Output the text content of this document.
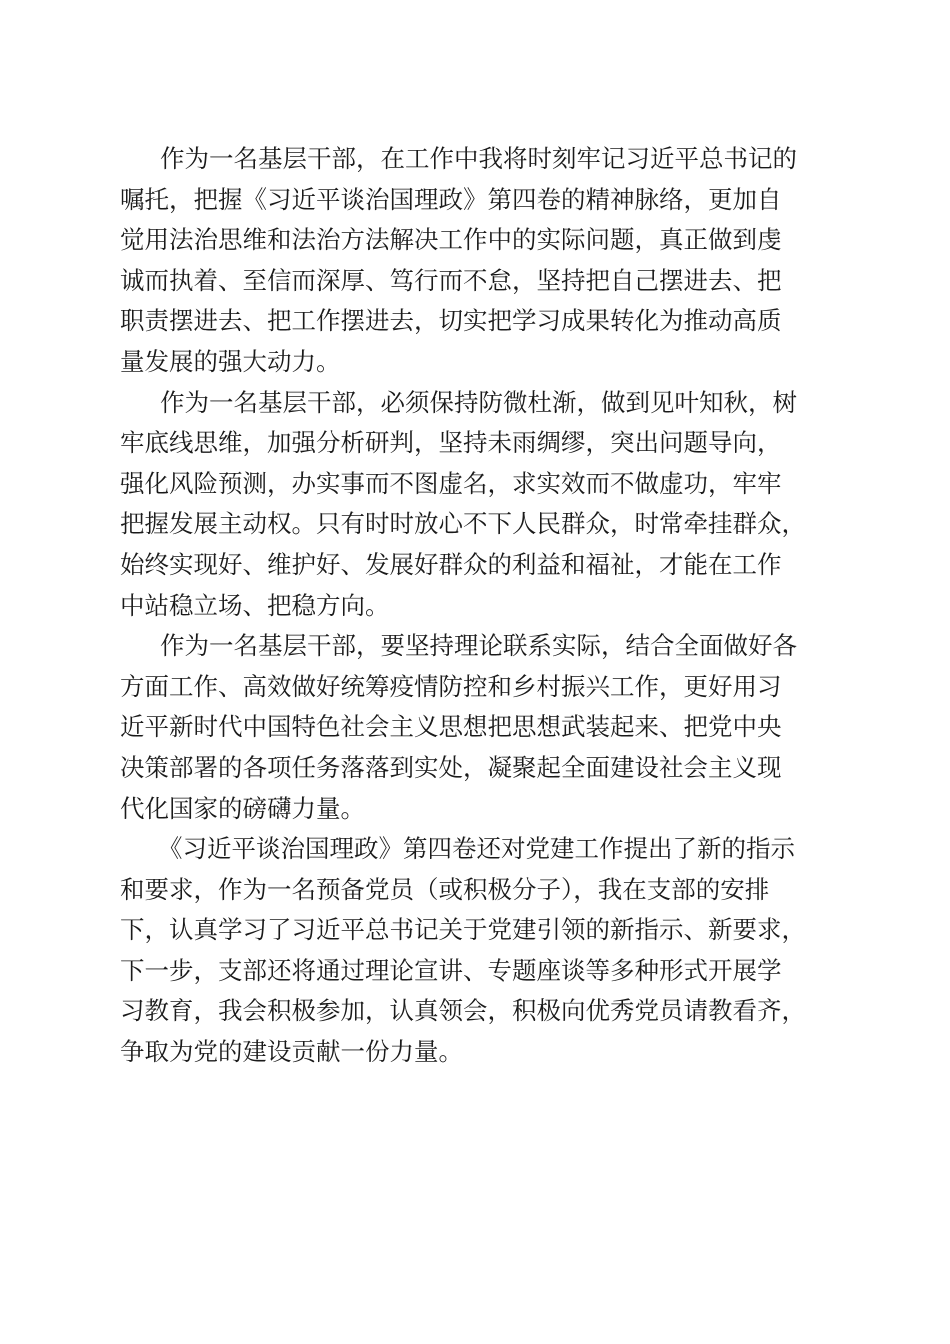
作为一名基层干部，在工作中我将时刻牢记习近平总书记的
嘱托，把握《习近平谈治国理政》第四卷的精神脉络，更加自
觉用法治思维和法治方法解决工作中的实际问题，真正做到虔
诚而执着、至信而深厚、笃行而不怠，坚持把自己摆进去、把
职责摆进去、把工作摆进去，切实把学习成果转化为推动高质
量发展的强大动力。
作为一名基层干部，必须保持防微杜渐，做到见叶知秋，树
牢底线思维，加强分析研判，坚持未雨绸缪，突出问题导向，
强化风险预测，办实事而不图虚名，求实效而不做虚功，牢牢
把握发展主动权。只有时时放心不下人民群众，时常牵挂群众，
始终实现好、维护好、发展好群众的利益和福祉，才能在工作
中站稳立场、把稳方向。
作为一名基层干部，要坚持理论联系实际，结合全面做好各
方面工作、高效做好统筹疫情防控和乡村振兴工作，更好用习
近平新时代中国特色社会主义思想把思想武装起来、把党中央
决策部署的各项任务落落到实处，凝聚起全面建设社会主义现
代化国家的磅礴力量。
《习近平谈治国理政》第四卷还对党建工作提出了新的指示
和要求，作为一名预备党员（或积极分子），我在支部的安排
下，认真学习了习近平总书记关于党建引领的新指示、新要求，
下一步，支部还将通过理论宣讲、专题座谈等多种形式开展学
习教育，我会积极参加，认真领会，积极向优秀党员请教看齐，
争取为党的建设贡献一份力量。
